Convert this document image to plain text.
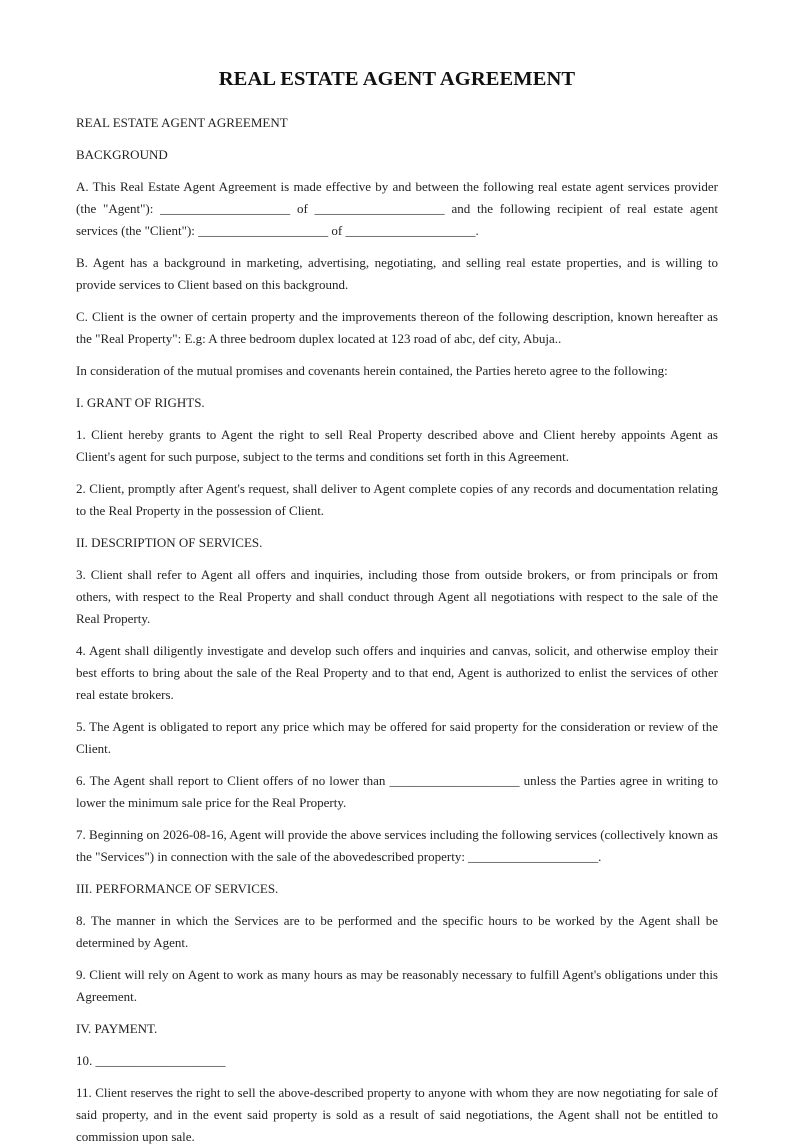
REAL ESTATE AGENT AGREEMENT

REAL ESTATE AGENT AGREEMENT

BACKGROUND

A. This Real Estate Agent Agreement is made effective by and between the following real estate agent services provider (the "Agent"): ____________________ of ____________________ and the following recipient of real estate agent services (the "Client"): ____________________ of ____________________.

B. Agent has a background in marketing, advertising, negotiating, and selling real estate properties, and is willing to provide services to Client based on this background.

C. Client is the owner of certain property and the improvements thereon of the following description, known hereafter as the "Real Property": E.g: A three bedroom duplex located at 123 road of abc, def city, Abuja..

In consideration of the mutual promises and covenants herein contained, the Parties hereto agree to the following:

I. GRANT OF RIGHTS.

1. Client hereby grants to Agent the right to sell Real Property described above and Client hereby appoints Agent as Client's agent for such purpose, subject to the terms and conditions set forth in this Agreement.

2. Client, promptly after Agent's request, shall deliver to Agent complete copies of any records and documentation relating to the Real Property in the possession of Client.

II. DESCRIPTION OF SERVICES.

3. Client shall refer to Agent all offers and inquiries, including those from outside brokers, or from principals or from others, with respect to the Real Property and shall conduct through Agent all negotiations with respect to the sale of the Real Property.

4. Agent shall diligently investigate and develop such offers and inquiries and canvas, solicit, and otherwise employ their best efforts to bring about the sale of the Real Property and to that end, Agent is authorized to enlist the services of other real estate brokers.

5. The Agent is obligated to report any price which may be offered for said property for the consideration or review of the Client.

6. The Agent shall report to Client offers of no lower than ____________________ unless the Parties agree in writing to lower the minimum sale price for the Real Property.

7. Beginning on 2026-08-16, Agent will provide the above services including the following services (collectively known as the "Services") in connection with the sale of the abovedescribed property: ____________________.

III. PERFORMANCE OF SERVICES.

8. The manner in which the Services are to be performed and the specific hours to be worked by the Agent shall be determined by Agent.

9. Client will rely on Agent to work as many hours as may be reasonably necessary to fulfill Agent's obligations under this Agreement.

IV. PAYMENT.

10. ____________________

11. Client reserves the right to sell the above-described property to anyone with whom they are now negotiating for sale of said property, and in the event said property is sold as a result of said negotiations, the Agent shall not be entitled to commission upon sale.
